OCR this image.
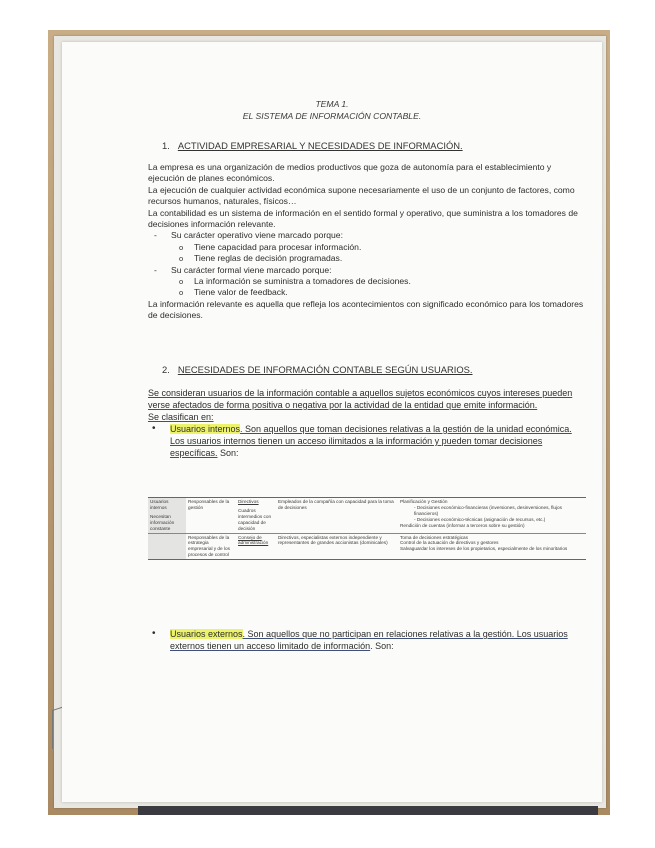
TEMA 1.
EL SISTEMA DE INFORMACIÓN CONTABLE.
1. ACTIVIDAD EMPRESARIAL Y NECESIDADES DE INFORMACIÓN.

La empresa es una organización de medios productivos que goza de autonomía para el establecimiento y ejecución de planes económicos.

La ejecución de cualquier actividad económica supone necesariamente el uso de un conjunto de factores, como recursos humanos, naturales, físicos…

La contabilidad es un sistema de información en el sentido formal y operativo, que suministra a los tomadores de decisiones información relevante.

- Su carácter operativo viene marcado porque:

o Tiene capacidad para procesar información.

o Tiene reglas de decisión programadas.

- Su carácter formal viene marcado porque:

o La información se suministra a tomadores de decisiones.

o Tiene valor de feedback.

La información relevante es aquella que refleja los acontecimientos con significado económico para los tomadores de decisiones.

2. NECESIDADES DE INFORMACIÓN CONTABLE SEGÚN USUARIOS.

Se consideran usuarios de la información contable a aquellos sujetos económicos cuyos intereses pueden verse afectados de forma positiva o negativa por la actividad de la entidad que emite información.

Se clasifican en:

• Usuarios internos. Son aquellos que toman decisiones relativas a la gestión de la unidad económica. Los usuarios internos tienen un acceso ilimitados a la información y pueden tomar decisiones específicas. Son:

Usuarios internos
Necesitan información constante
Responsables de la gestión
Directivos
Cuadros intermedios con capacidad de decisión
Empleados de la compañía con capacidad para la toma de decisiones
Planificación y Gestión
- Decisiones económico-financieras (inversiones, desinversiones, flujos financieros)
- Decisiones económico-técnicas (asignación de recursos, etc.)
Rendición de cuentas (informar a terceros sobre su gestión)
Responsables de la estrategia empresarial y de los procesos de control
Consejo de administración
Directivos, especialistas externos independiente y representantes de grandes accionistas (dominicales)
Toma de decisiones estratégicas
Control de la actuación de directivos y gestores
Salvaguardar los intereses de los propietarios, especialmente de los minoritarios

• Usuarios externos. Son aquellos que no participan en relaciones relativas a la gestión. Los usuarios externos tienen un acceso limitado de información. Son:
